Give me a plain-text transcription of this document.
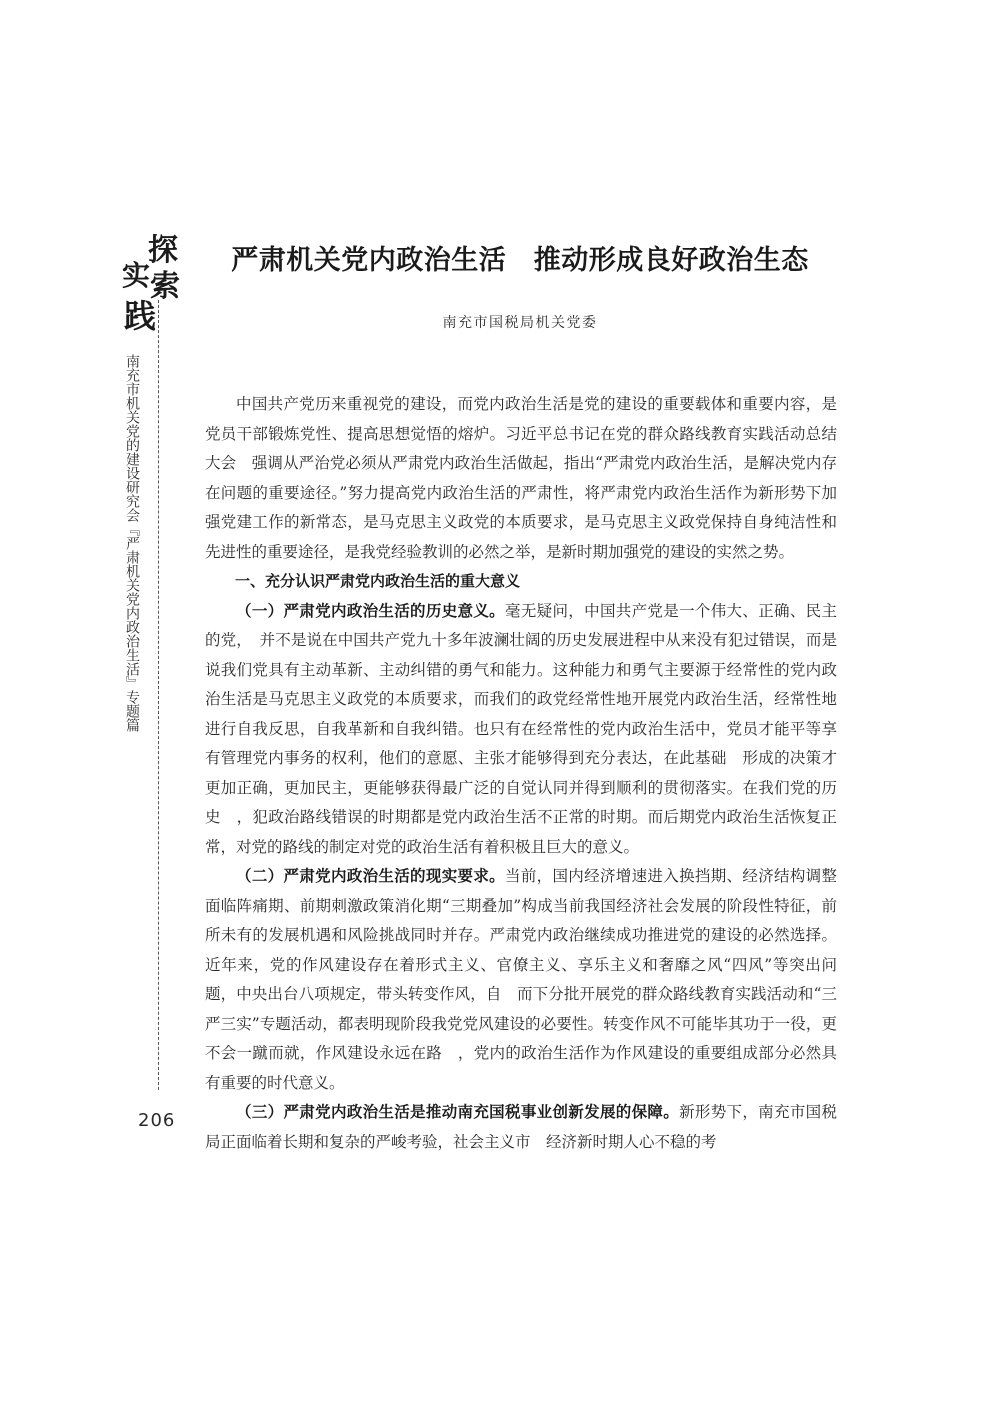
探
索
实
践
南充市机关党的建设研究会『严肃机关党内政治生活』专题篇
206
严肃机关党内政治生活　推动形成良好政治生态
南充市国税局机关党委

中国共产党历来重视党的建设，而党内政治生活是党的建设的重要载体和重要内容，是党员干部锻炼党性、提高思想觉悟的熔炉。习近平总书记在党的群众路线教育实践活动总结大会　强调从严治党必须从严肃党内政治生活做起，指出“严肃党内政治生活，是解决党内存在问题的重要途径。”努力提高党内政治生活的严肃性，将严肃党内政治生活作为新形势下加强党建工作的新常态，是马克思主义政党的本质要求，是马克思主义政党保持自身纯洁性和先进性的重要途径，是我党经验教训的必然之举，是新时期加强党的建设的实然之势。

一、充分认识严肃党内政治生活的重大意义

（一）严肃党内政治生活的历史意义。毫无疑问，中国共产党是一个伟大、正确、民主的党，　并不是说在中国共产党九十多年波澜壮阔的历史发展进程中从来没有犯过错误，而是说我们党具有主动革新、主动纠错的勇气和能力。这种能力和勇气主要源于经常性的党内政治生活是马克思主义政党的本质要求，而我们的政党经常性地开展党内政治生活，经常性地进行自我反思，自我革新和自我纠错。也只有在经常性的党内政治生活中，党员才能平等享有管理党内事务的权利，他们的意愿、主张才能够得到充分表达，在此基础　形成的决策才更加正确，更加民主，更能够获得最广泛的自觉认同并得到顺利的贯彻落实。在我们党的历史　，犯政治路线错误的时期都是党内政治生活不正常的时期。而后期党内政治生活恢复正常，对党的路线的制定对党的政治生活有着积极且巨大的意义。

（二）严肃党内政治生活的现实要求。当前，国内经济增速进入换挡期、经济结构调整面临阵痛期、前期刺激政策消化期“三期叠加”构成当前我国经济社会发展的阶段性特征，前所未有的发展机遇和风险挑战同时并存。严肃党内政治继续成功推进党的建设的必然选择。近年来，党的作风建设存在着形式主义、官僚主义、享乐主义和奢靡之风“四风”等突出问题，中央出台八项规定，带头转变作风，自　而下分批开展党的群众路线教育实践活动和“三严三实”专题活动，都表明现阶段我党党风建设的必要性。转变作风不可能毕其功于一役，更不会一蹴而就，作风建设永远在路　，党内的政治生活作为作风建设的重要组成部分必然具有重要的时代意义。

（三）严肃党内政治生活是推动南充国税事业创新发展的保障。新形势下，南充市国税局正面临着长期和复杂的严峻考验，社会主义市　经济新时期人心不稳的考
